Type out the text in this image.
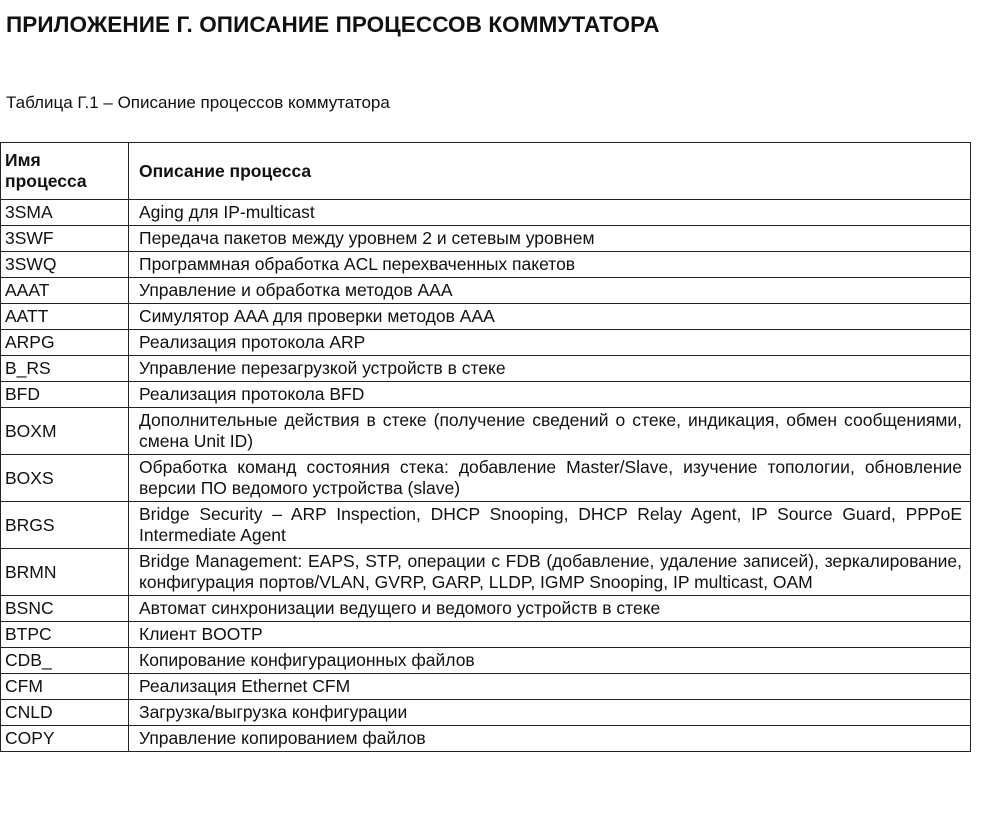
ПРИЛОЖЕНИЕ Г. ОПИСАНИЕ ПРОЦЕССОВ КОММУТАТОРА
Таблица Г.1 – Описание процессов коммутатора
Имя процесса	Описание процесса
3SMA	Aging для IP-multicast
3SWF	Передача пакетов между уровнем 2 и сетевым уровнем
3SWQ	Программная обработка ACL перехваченных пакетов
AAAT	Управление и обработка методов AAA
AATT	Симулятор AAA для проверки методов AAA
ARPG	Реализация протокола ARP
B_RS	Управление перезагрузкой устройств в стеке
BFD	Реализация протокола BFD
BOXM	Дополнительные действия в стеке (получение сведений о стеке, индикация, обмен сообщениями, смена Unit ID)
BOXS	Обработка команд состояния стека: добавление Master/Slave, изучение топологии, обновление версии ПО ведомого устройства (slave)
BRGS	Bridge Security – ARP Inspection, DHCP Snooping, DHCP Relay Agent, IP Source Guard, PPPoE Intermediate Agent
BRMN	Bridge Management: EAPS, STP, операции с FDB (добавление, удаление записей), зеркалирование, конфигурация портов/VLAN, GVRP, GARP, LLDP, IGMP Snooping, IP multicast, OAM
BSNC	Автомат синхронизации ведущего и ведомого устройств в стеке
BTPC	Клиент BOOTP
CDB_	Копирование конфигурационных файлов
CFM	Реализация Ethernet CFM
CNLD	Загрузка/выгрузка конфигурации
COPY	Управление копированием файлов
